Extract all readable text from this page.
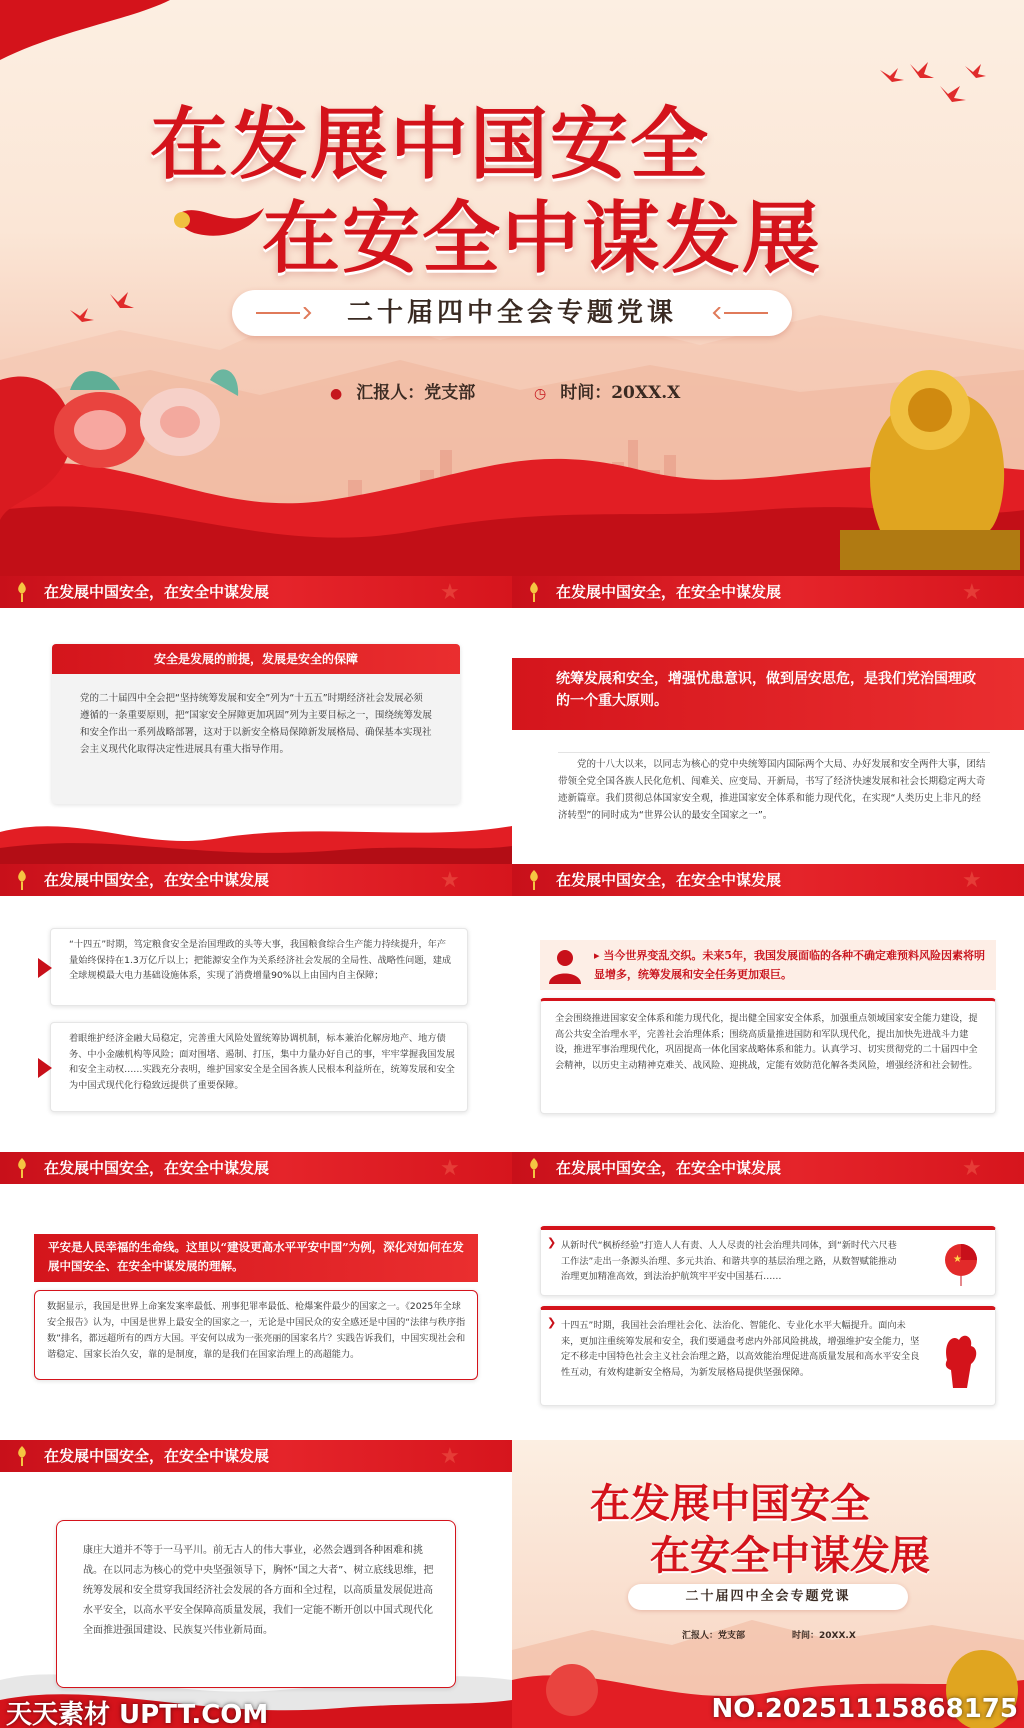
在发展中国安全
在安全中谋发展
二十届四中全会专题党课
● 汇报人：党支部	◷ 时间：20XX.X
在发展中国安全，在安全中谋发展	★
安全是发展的前提，发展是安全的保障
党的二十届四中全会把“坚持统筹发展和安全”列为“十五五”时期经济社会发展必须遵循的一条重要原则，把“国家安全屏障更加巩固”列为主要目标之一，围绕统筹发展和安全作出一系列战略部署，这对于以新安全格局保障新发展格局、确保基本实现社会主义现代化取得决定性进展具有重大指导作用。
在发展中国安全，在安全中谋发展	★
统筹发展和安全，增强忧患意识，做到居安思危，是我们党治国理政的一个重大原则。
党的十八大以来，以同志为核心的党中央统筹国内国际两个大局、办好发展和安全两件大事，团结带领全党全国各族人民化危机、闯难关、应变局、开新局，书写了经济快速发展和社会长期稳定两大奇迹新篇章。我们贯彻总体国家安全观，推进国家安全体系和能力现代化，在实现“人类历史上非凡的经济转型”的同时成为“世界公认的最安全国家之一”。
在发展中国安全，在安全中谋发展	★
“十四五”时期，笃定粮食安全是治国理政的头等大事，我国粮食综合生产能力持续提升，年产量始终保持在1.3万亿斤以上；把能源安全作为关系经济社会发展的全局性、战略性问题，建成全球规模最大电力基础设施体系，实现了消费增量90%以上由国内自主保障；
着眼维护经济金融大局稳定，完善重大风险处置统筹协调机制，标本兼治化解房地产、地方债务、中小金融机构等风险；面对围堵、遏制、打压，集中力量办好自己的事，牢牢掌握我国发展和安全主动权……实践充分表明，维护国家安全是全国各族人民根本利益所在，统筹发展和安全为中国式现代化行稳致远提供了重要保障。
在发展中国安全，在安全中谋发展	★
▸ 当今世界变乱交织。未来5年，我国发展面临的各种不确定难预料风险因素将明显增多，统筹发展和安全任务更加艰巨。
全会围绕推进国家安全体系和能力现代化，提出健全国家安全体系，加强重点领域国家安全能力建设，提高公共安全治理水平，完善社会治理体系；围绕高质量推进国防和军队现代化，提出加快先进战斗力建设，推进军事治理现代化，巩固提高一体化国家战略体系和能力。认真学习、切实贯彻党的二十届四中全会精神，以历史主动精神克难关、战风险、迎挑战，定能有效防范化解各类风险，增强经济和社会韧性。
在发展中国安全，在安全中谋发展	★
平安是人民幸福的生命线。这里以“建设更高水平平安中国”为例，深化对如何在发展中国安全、在安全中谋发展的理解。
数据显示，我国是世界上命案发案率最低、刑事犯罪率最低、枪爆案件最少的国家之一。《2025年全球安全报告》认为，中国是世界上最安全的国家之一，无论是中国民众的安全感还是中国的“法律与秩序指数”排名，都远超所有的西方大国。平安何以成为一张亮丽的国家名片？实践告诉我们，中国实现社会和谐稳定、国家长治久安，靠的是制度，靠的是我们在国家治理上的高超能力。
在发展中国安全，在安全中谋发展	★
❯ 从新时代“枫桥经验”打造人人有责、人人尽责的社会治理共同体，到“新时代六尺巷工作法”走出一条源头治理、多元共治、和谐共享的基层治理之路，从数智赋能推动治理更加精准高效，到法治护航筑牢平安中国基石……
★
❯ 十四五”时期，我国社会治理社会化、法治化、智能化、专业化水平大幅提升。面向未来，更加注重统筹发展和安全，我们要通盘考虑内外部风险挑战，增强维护安全能力，坚定不移走中国特色社会主义社会治理之路，以高效能治理促进高质量发展和高水平安全良性互动，有效构建新安全格局，为新发展格局提供坚强保障。
在发展中国安全，在安全中谋发展	★
康庄大道并不等于一马平川。前无古人的伟大事业，必然会遇到各种困难和挑战。在以同志为核心的党中央坚强领导下，胸怀“国之大者”、树立底线思维，把统筹发展和安全贯穿我国经济社会发展的各方面和全过程，以高质量发展促进高水平安全，以高水平安全保障高质量发展，我们一定能不断开创以中国式现代化全面推进强国建设、民族复兴伟业新局面。
在发展中国安全
在安全中谋发展
二十届四中全会专题党课
汇报人：党支部	时间：20XX.X
天天素材 UPTT.COM	NO.20251115868175
